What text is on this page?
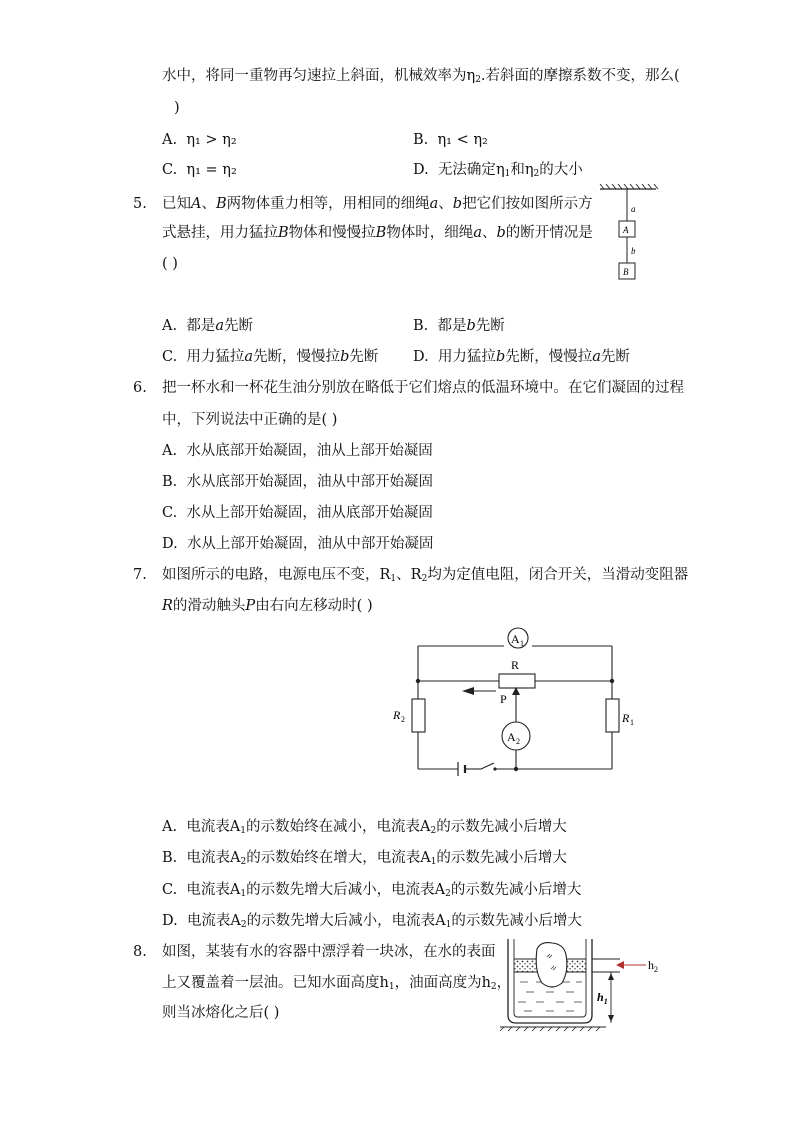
水中，将同一重物再匀速拉上斜面，机械效率为$\eta_2$.若斜面的摩擦系数不变，那么(
)
A. η₁ > η₂	B. η₁ < η₂
C. η₁ = η₂	D. 无法确定$\eta_1$和$\eta_2$的大小
5. 已知A、B两物体重力相等，用相同的细绳a、b把它们按如图所示方
式悬挂，用力猛拉B物体和慢慢拉B物体时，细绳a、b的断开情况是
( )
a
A
b
B
A. 都是a先断	B. 都是b先断
C. 用力猛拉a先断，慢慢拉b先断 D. 用力猛拉b先断，慢慢拉a先断
6. 把一杯水和一杯花生油分别放在略低于它们熔点的低温环境中。在它们凝固的过程
中，下列说法中正确的是( )
A. 水从底部开始凝固，油从上部开始凝固
B. 水从底部开始凝固，油从中部开始凝固
C. 水从上部开始凝固，油从底部开始凝固
D. 水从上部开始凝固，油从中部开始凝固
7. 如图所示的电路，电源电压不变，$R_1$、$R_2$均为定值电阻，闭合开关，当滑动变阻器
R的滑动触头P由右向左移动时( )
A 1
R
P
R 2	R 1
A 2
A. 电流表$A_1$的示数始终在减小，电流表$A_2$的示数先减小后增大
B. 电流表$A_2$的示数始终在增大，电流表$A_1$的示数先减小后增大
C. 电流表$A_1$的示数先增大后减小，电流表$A_2$的示数先减小后增大
D. 电流表$A_2$的示数先增大后减小，电流表$A_1$的示数先减小后增大
8. 如图，某装有水的容器中漂浮着一块冰，在水的表面
上又覆盖着一层油。已知水面高度$h_1$，油面高度为$h_2$，
则当冰熔化之后( )
$h_1$
$h_2$
